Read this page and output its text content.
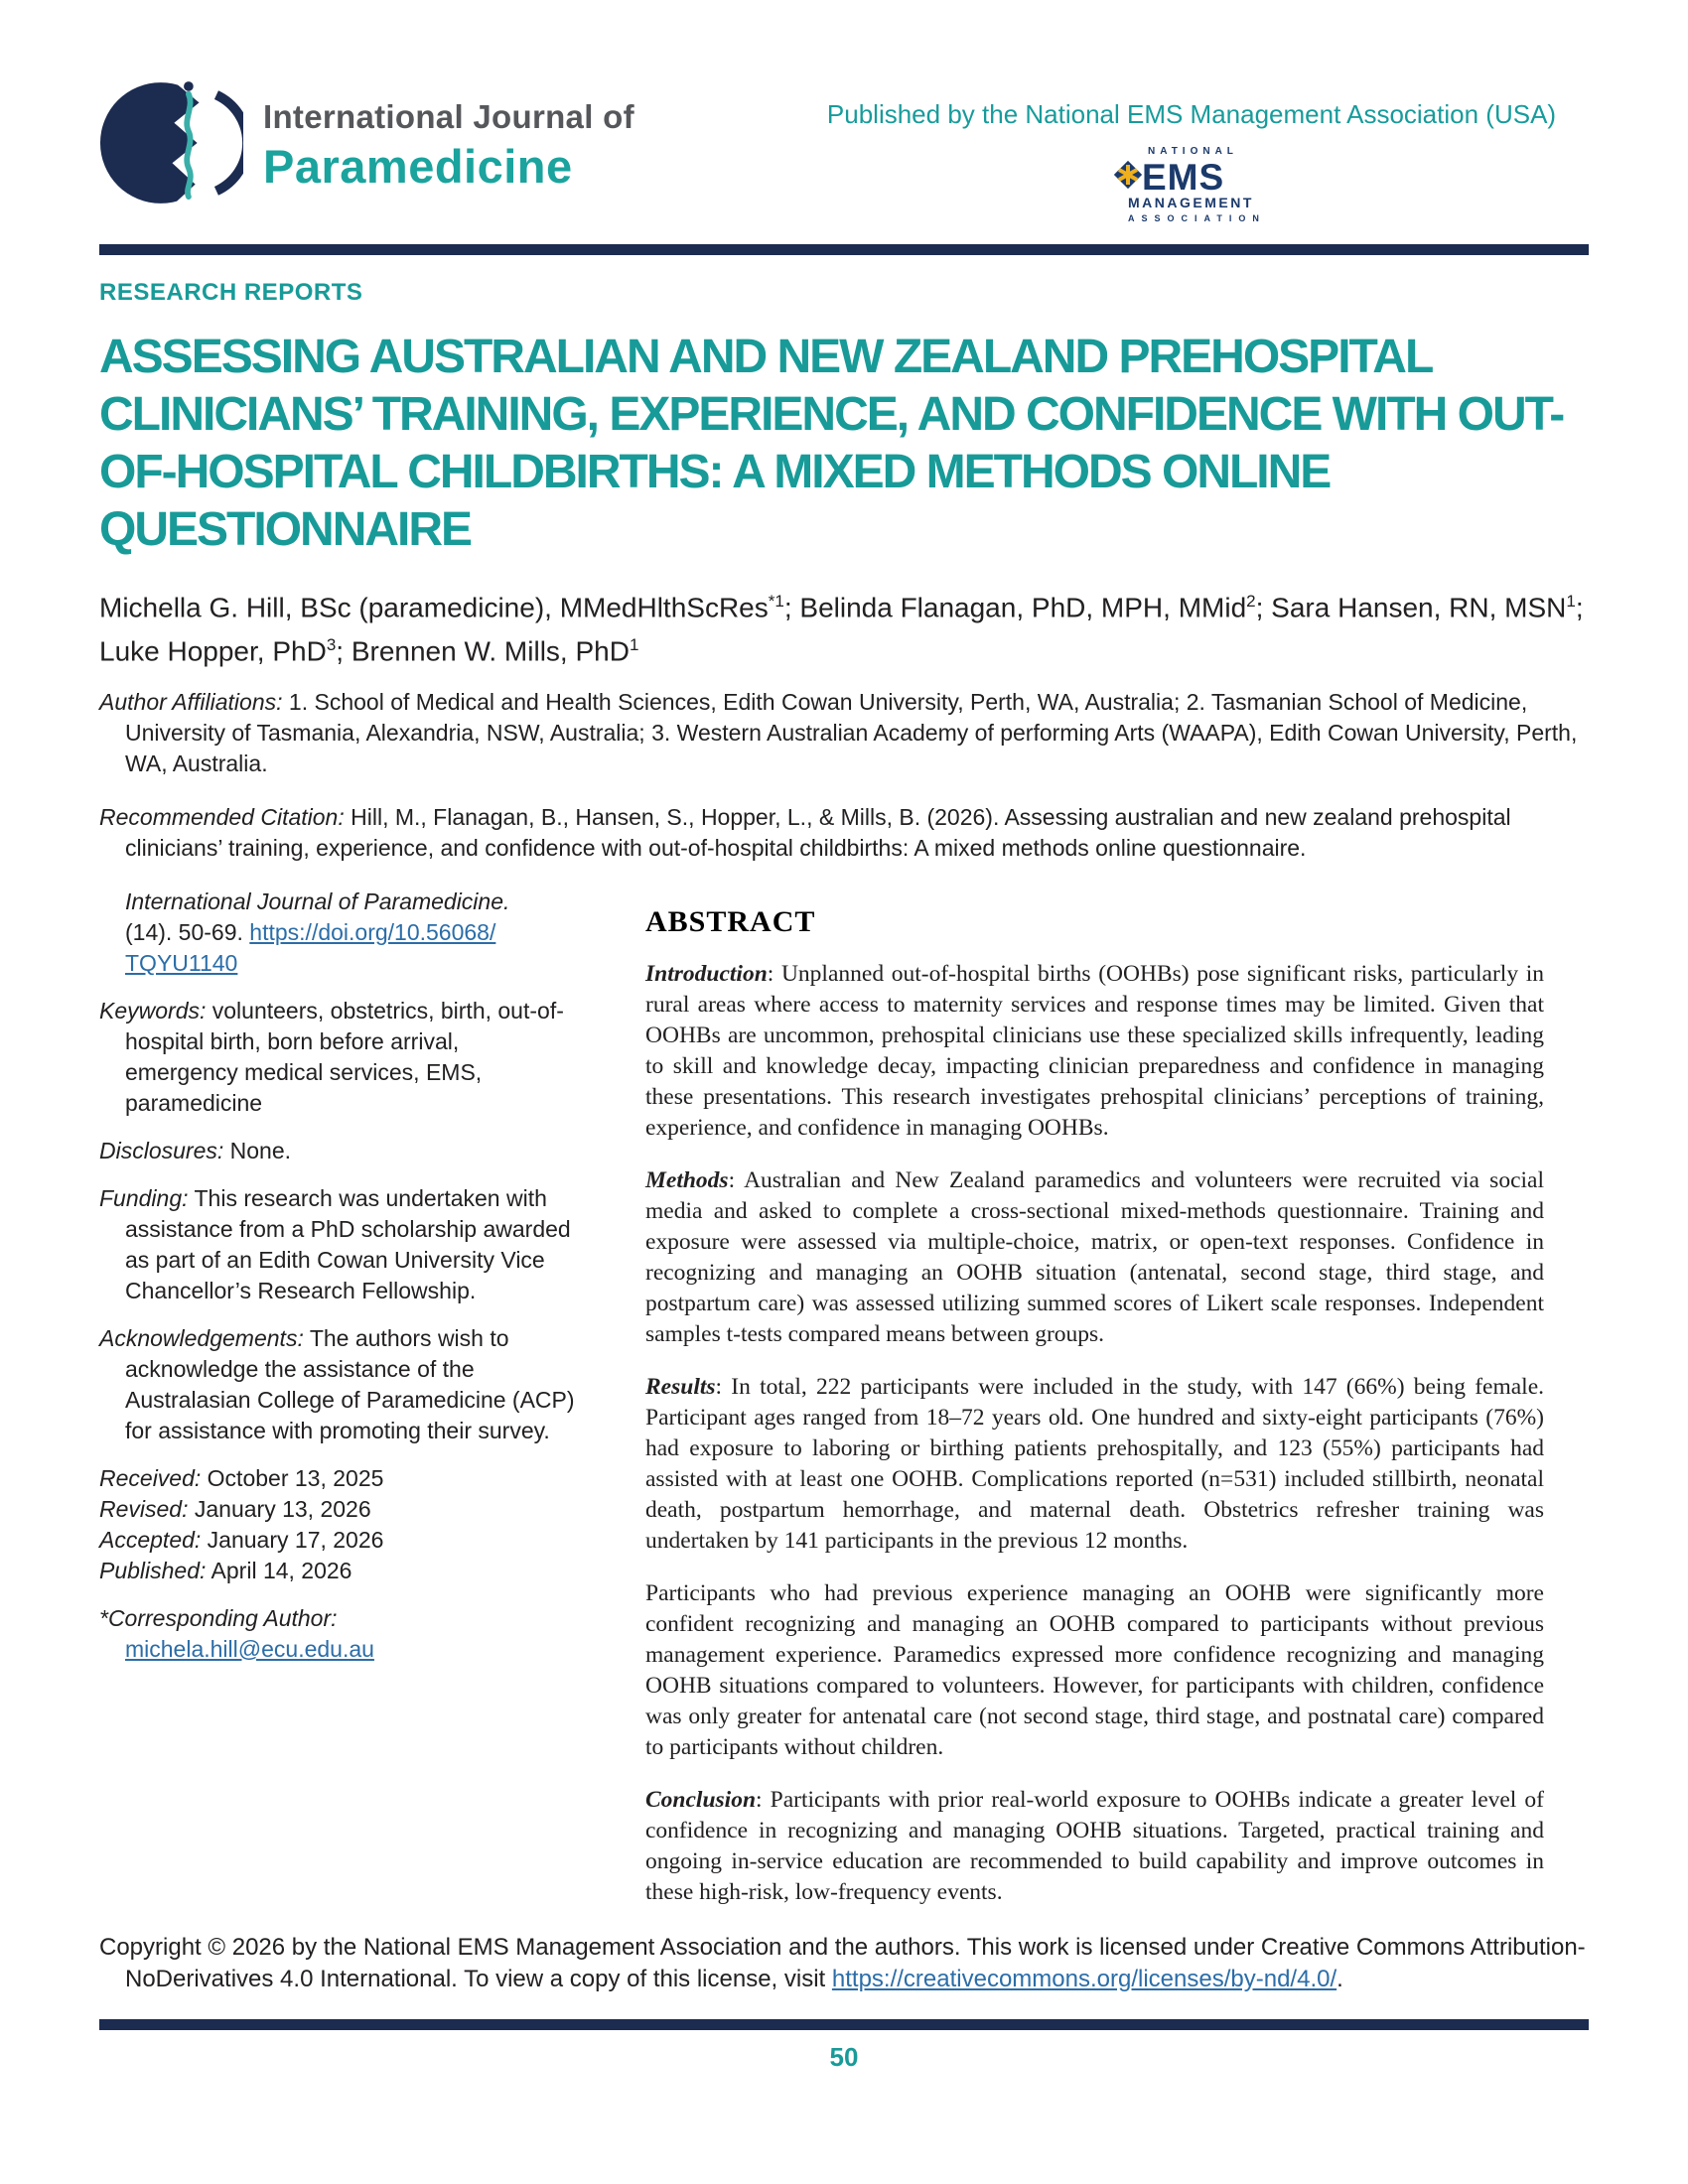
International Journal of
Paramedicine
Published by the National EMS Management Association (USA)
NATIONAL
EMS
MANAGEMENT
ASSOCIATION
RESEARCH REPORTS
ASSESSING AUSTRALIAN AND NEW ZEALAND PREHOSPITAL CLINICIANS’ TRAINING, EXPERIENCE, AND CONFIDENCE WITH OUT-OF-HOSPITAL CHILDBIRTHS: A MIXED METHODS ONLINE QUESTIONNAIRE
Michella G. Hill, BSc (paramedicine), MMedHlthScRes$^{*1}$; Belinda Flanagan, PhD, MPH, MMid$^2$; Sara Hansen, RN, MSN$^1$; Luke Hopper, PhD$^3$; Brennen W. Mills, PhD$^1$

Author Affiliations: 1. School of Medical and Health Sciences, Edith Cowan University, Perth, WA, Australia; 2. Tasmanian School of Medicine, University of Tasmania, Alexandria, NSW, Australia; 3. Western Australian Academy of performing Arts (WAAPA), Edith Cowan University, Perth, WA, Australia.

Recommended Citation: Hill, M., Flanagan, B., Hansen, S., Hopper, L., & Mills, B. (2026). Assessing australian and new zealand prehospital clinicians’ training, experience, and confidence with out-of-hospital childbirths: A mixed methods online questionnaire.

International Journal of Paramedicine.
(14). 50-69. https://doi.org/10.56068/
TQYU1140

Keywords: volunteers, obstetrics, birth, out-of-hospital birth, born before arrival, emergency medical services, EMS, paramedicine

Disclosures: None.

Funding: This research was undertaken with assistance from a PhD scholarship awarded as part of an Edith Cowan University Vice Chancellor’s Research Fellowship.

Acknowledgements: The authors wish to acknowledge the assistance of the Australasian College of Paramedicine (ACP) for assistance with promoting their survey.

Received: October 13, 2025
Revised: January 13, 2026
Accepted: January 17, 2026
Published: April 14, 2026

*Corresponding Author:
michela.hill@ecu.edu.au

ABSTRACT

Introduction: Unplanned out-of-hospital births (OOHBs) pose significant risks, particularly in rural areas where access to maternity services and response times may be limited. Given that OOHBs are uncommon, prehospital clinicians use these specialized skills infrequently, leading to skill and knowledge decay, impacting clinician preparedness and confidence in managing these presentations. This research investigates prehospital clinicians’ perceptions of training, experience, and confidence in managing OOHBs.

Methods: Australian and New Zealand paramedics and volunteers were recruited via social media and asked to complete a cross-sectional mixed-methods questionnaire. Training and exposure were assessed via multiple-choice, matrix, or open-text responses. Confidence in recognizing and managing an OOHB situation (antenatal, second stage, third stage, and postpartum care) was assessed utilizing summed scores of Likert scale responses. Independent samples t-tests compared means between groups.

Results: In total, 222 participants were included in the study, with 147 (66%) being female. Participant ages ranged from 18–72 years old. One hundred and sixty-eight participants (76%) had exposure to laboring or birthing patients prehospitally, and 123 (55%) participants had assisted with at least one OOHB. Complications reported (n=531) included stillbirth, neonatal death, postpartum hemorrhage, and maternal death. Obstetrics refresher training was undertaken by 141 participants in the previous 12 months.

Participants who had previous experience managing an OOHB were significantly more confident recognizing and managing an OOHB compared to participants without previous management experience. Paramedics expressed more confidence recognizing and managing OOHB situations compared to volunteers. However, for participants with children, confidence was only greater for antenatal care (not second stage, third stage, and postnatal care) compared to participants without children.

Conclusion: Participants with prior real-world exposure to OOHBs indicate a greater level of confidence in recognizing and managing OOHB situations. Targeted, practical training and ongoing in-service education are recommended to build capability and improve outcomes in these high-risk, low-frequency events.

Copyright © 2026 by the National EMS Management Association and the authors. This work is licensed under Creative Commons Attribution-NoDerivatives 4.0 International. To view a copy of this license, visit https://creativecommons.org/licenses/by-nd/4.0/.

50
